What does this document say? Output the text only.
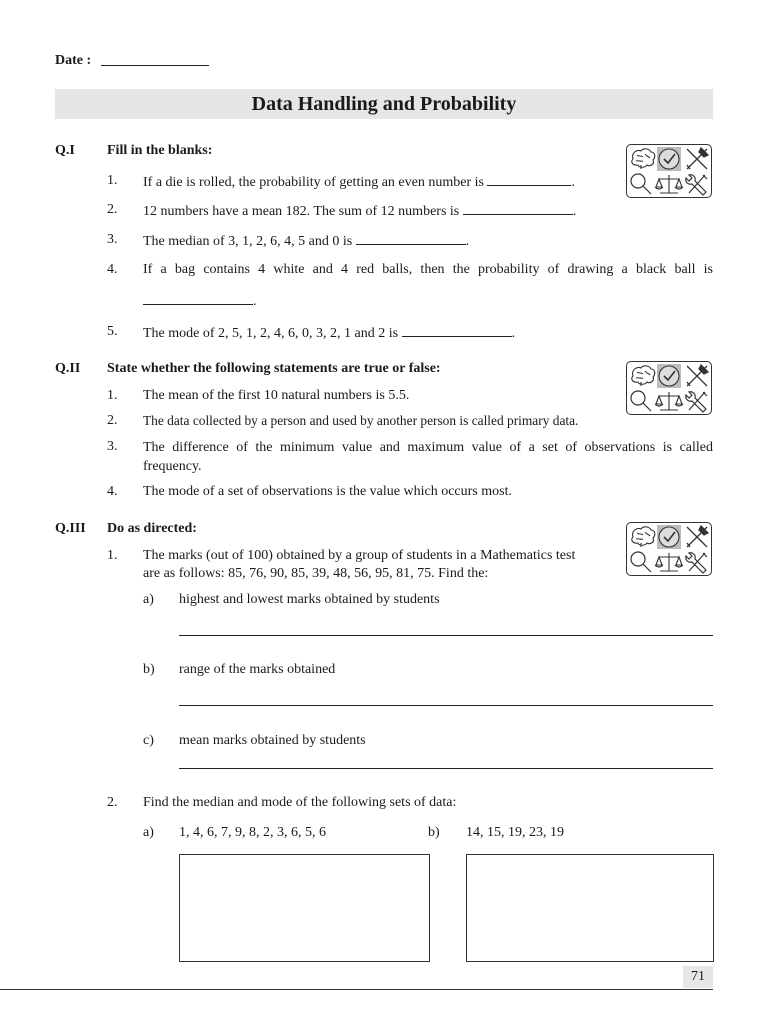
Date :
Data Handling and Probability
Q.I Fill in the blanks:
1. If a die is rolled, the probability of getting an even number is	.
2. 12 numbers have a mean 182. The sum of 12 numbers is	.
3. The median of 3, 1, 2, 6, 4, 5 and 0 is	.
4. If a bag contains 4 white and 4 red balls, then the probability of drawing a black ball is
.
5. The mode of 2, 5, 1, 2, 4, 6, 0, 3, 2, 1 and 2 is	.
Q.II State whether the following statements are true or false:
1. The mean of the first 10 natural numbers is 5.5.
2. The data collected by a person and used by another person is called primary data.
3. The difference of the minimum value and maximum value of a set of observations is called frequency.
4. The mode of a set of observations is the value which occurs most.
Q.III Do as directed:
1. The marks (out of 100) obtained by a group of students in a Mathematics test
are as follows: 85, 76, 90, 85, 39, 48, 56, 95, 81, 75. Find the:
a) highest and lowest marks obtained by students
b) range of the marks obtained
c) mean marks obtained by students
2. Find the median and mode of the following sets of data:
a) 1, 4, 6, 7, 9, 8, 2, 3, 6, 5, 6	b) 14, 15, 19, 23, 19
71
